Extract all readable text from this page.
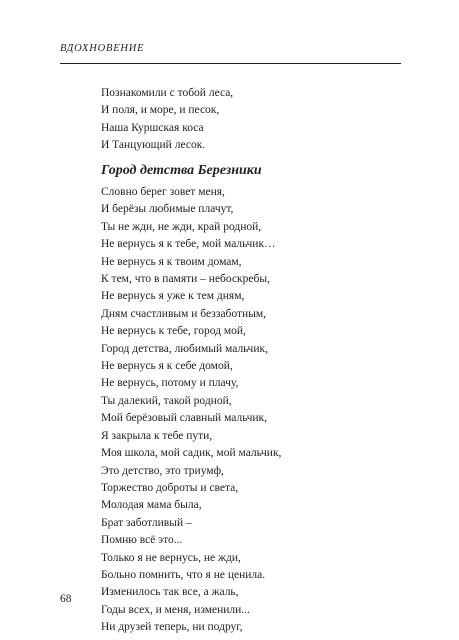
ВДОХНОВЕНИЕ
Познакомили с тобой леса,
И поля, и море, и песок,
Наша Куршская коса
И Танцующий лесок.
Город детства Березники
Словно берег зовет меня,
И берёзы любимые плачут,
Ты не жди, не жди, край родной,
Не вернусь я к тебе, мой мальчик…
Не вернусь я к твоим домам,
К тем, что в памяти – небоскребы,
Не вернусь я уже к тем дням,
Дням счастливым и беззаботным,
Не вернусь к тебе, город мой,
Город детства, любимый мальчик,
Не вернусь я к себе домой,
Не вернусь, потому и плачу,
Ты далекий, такой родной,
Мой берёзовый славный мальчик,
Я закрыла к тебе пути,
Моя школа, мой садик, мой мальчик,
Это детство, это триумф,
Торжество доброты и света,
Молодая мама была,
Брат заботливый –
Помню всё это...
Только я не вернусь, не жди,
Больно помнить, что я не ценила.
Изменилось так все, а жаль,
Годы всех, и меня, изменили...
Ни друзей теперь, ни подруг,
68
